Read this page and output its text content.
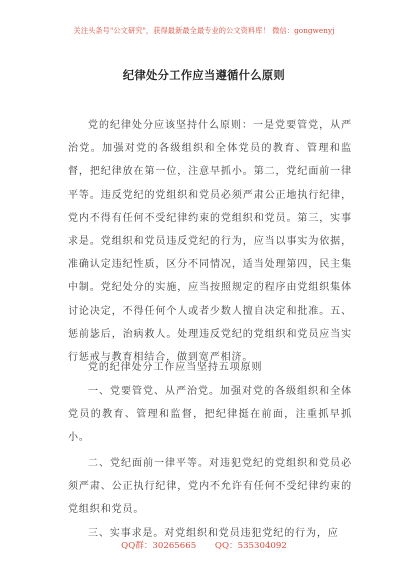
关注头条号"公文研究"，获得最新最全最专业的公文资料库！ 微信：gongwenyj
纪律处分工作应当遵循什么原则
党的纪律处分应该坚持什么原则：一是党要管党，从严治党。加强对党的各级组织和全体党员的教育、管理和监督，把纪律放在第一位，注意早抓小。第二，党纪面前一律平等。违反党纪的党组织和党员必须严肃公正地执行纪律，党内不得有任何不受纪律约束的党组织和党员。第三，实事求是。党组织和党员违反党纪的行为，应当以事实为依据，准确认定违纪性质，区分不同情况，适当处理第四，民主集中制。党纪处分的实施，应当按照规定的程序由党组织集体讨论决定，不得任何个人或者少数人擅自决定和批准。五、惩前毖后，治病救人。处理违反党纪的党组织和党员应当实行惩戒与教育相结合，做到宽严相济。
党的纪律处分工作应当坚持五项原则
一、党要管党、从严治党。加强对党的各级组织和全体党员的教育、管理和监督，把纪律挺在前面，注重抓早抓小。
二、党纪面前一律平等。对违犯党纪的党组织和党员必须严肃、公正执行纪律，党内不允许有任何不受纪律约束的党组织和党员。
三、实事求是。对党组织和党员违犯党纪的行为，应
QQ群：30265665 QQ：535304092
